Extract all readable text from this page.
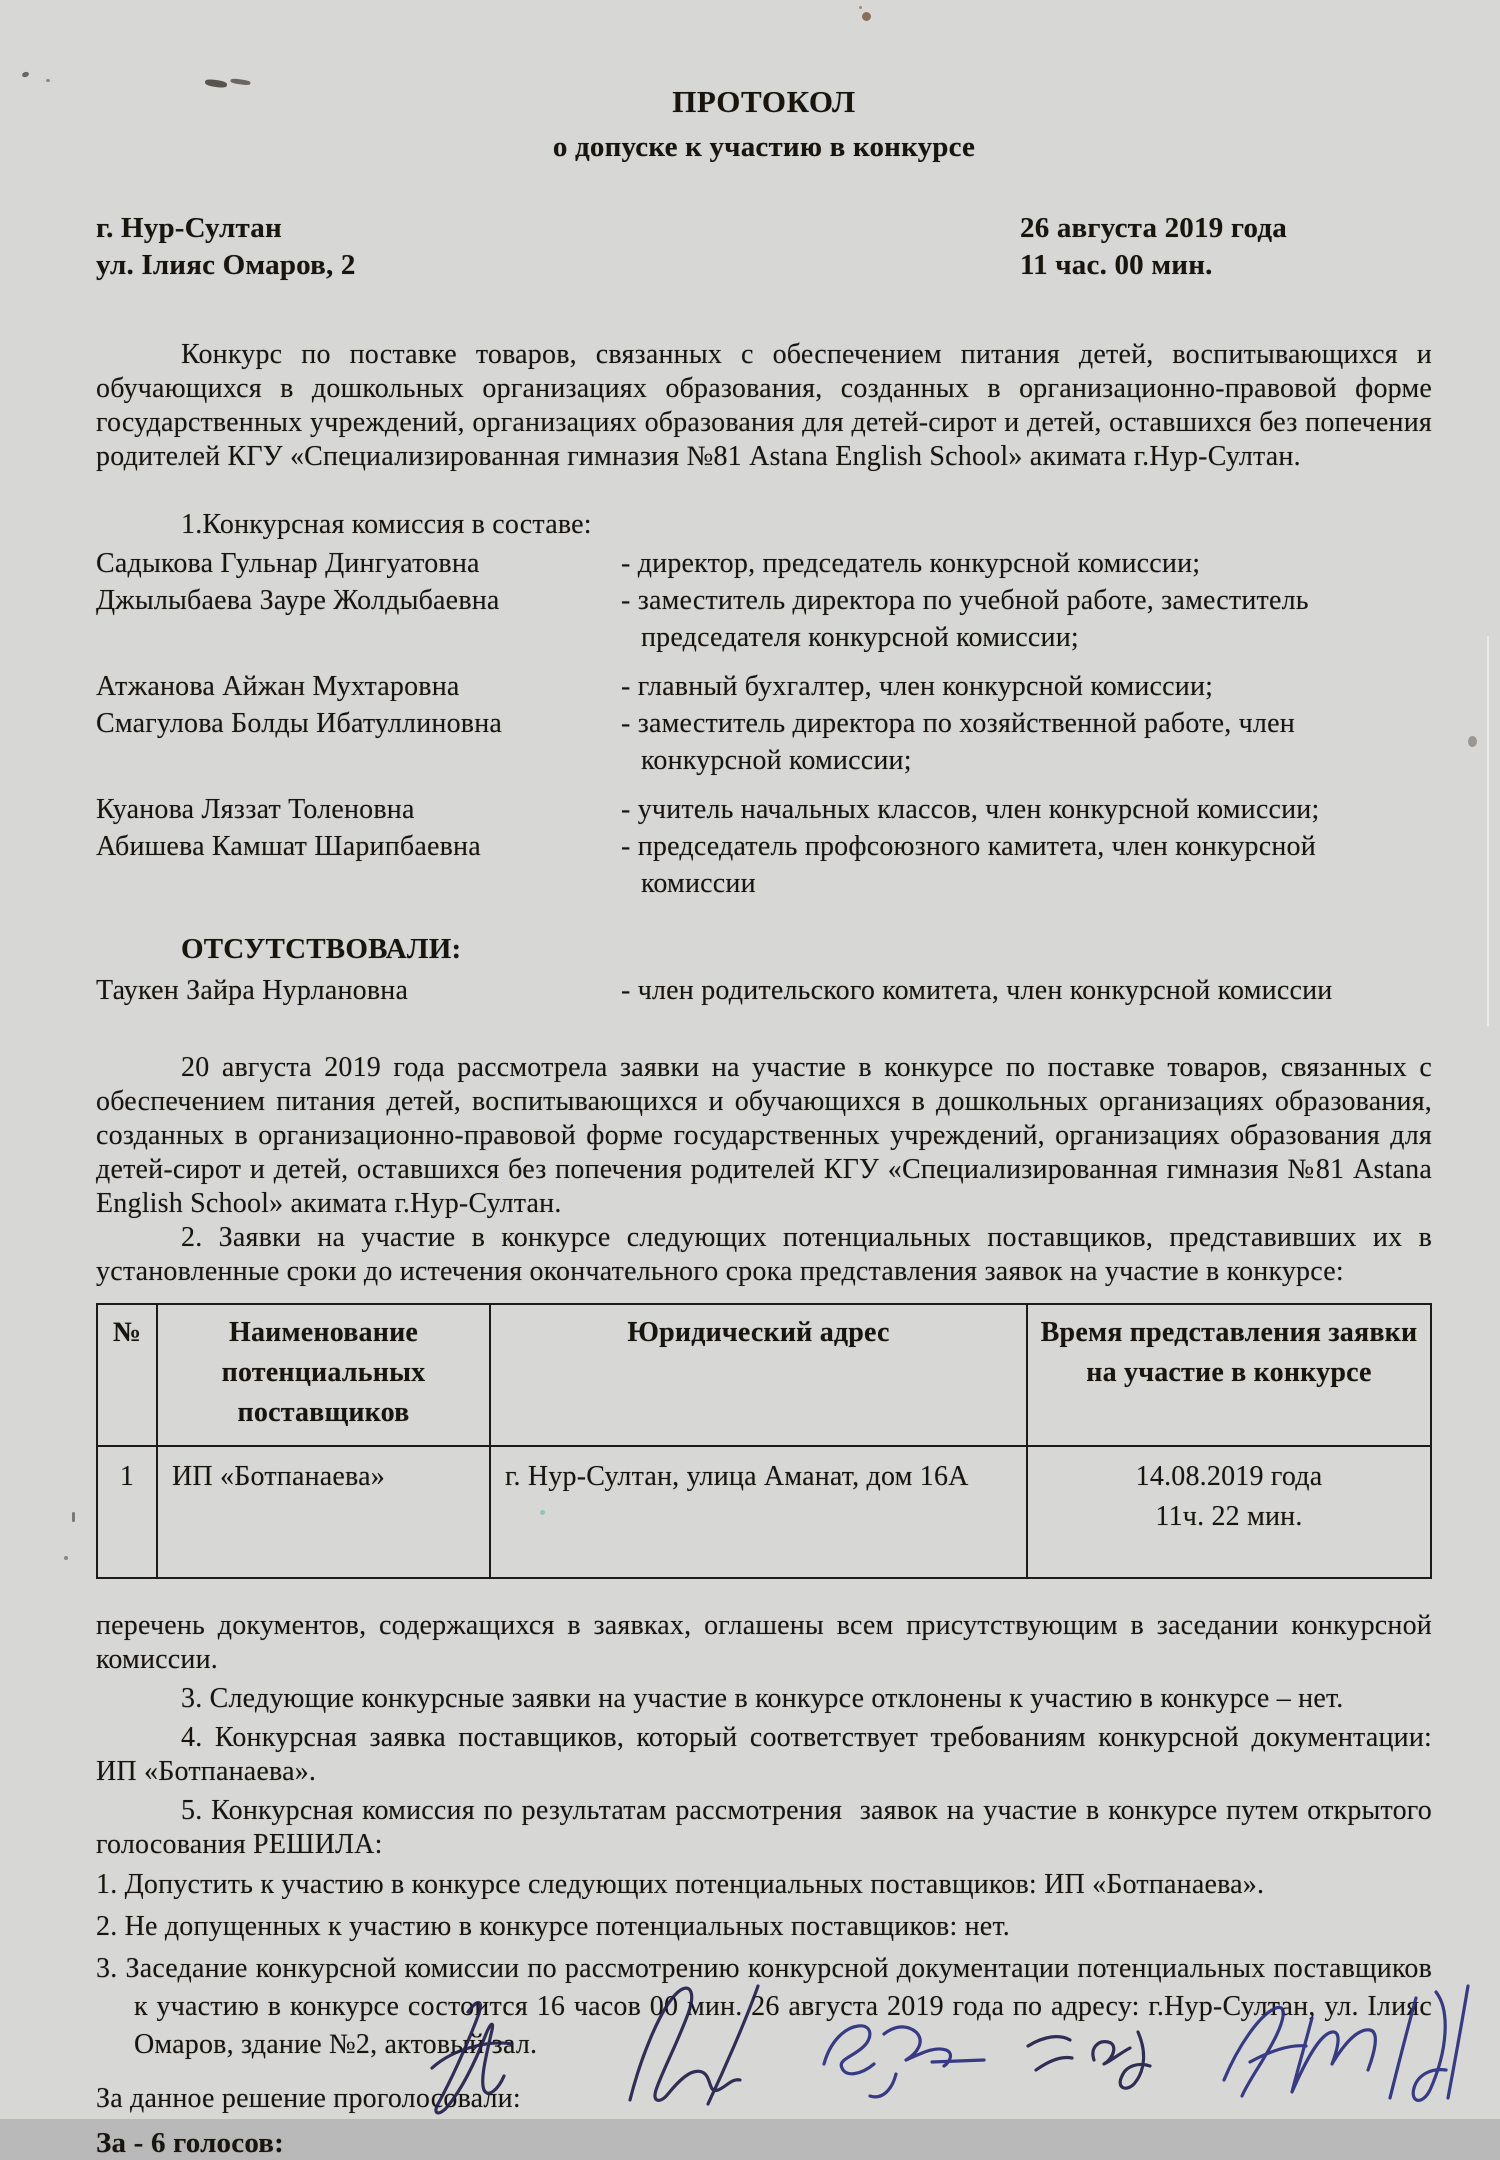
ПРОТОКОЛ
о допуске к участию в конкурсе
г. Нур-Султан
ул. Ілияс Омаров, 2
26 августа 2019 года
11 час. 00 мин.

Конкурс по поставке товаров, связанных с обеспечением питания детей, воспитывающихся и обучающихся в дошкольных организациях образования, созданных в организационно-правовой форме государственных учреждений, организациях образования для детей-сирот и детей, оставшихся без попечения родителей КГУ «Специализированная гимназия №81 Astana English School» акимата г.Нур-Султан.

1.Конкурсная комиссия в составе:

Садыкова Гульнар Дингуатовна	- директор, председатель конкурсной комиссии;
Джылыбаева Зауре Жолдыбаевна	- заместитель директора по учебной работе, заместитель председателя конкурсной комиссии;
Атжанова Айжан Мухтаровна	- главный бухгалтер, член конкурсной комиссии;
Смагулова Болды Ибатуллиновна	- заместитель директора по хозяйственной работе, член конкурсной комиссии;
Куанова Ляззат Толеновна	- учитель начальных классов, член конкурсной комиссии;
Абишева Камшат Шарипбаевна	- председатель профсоюзного камитета, член конкурсной комиссии
ОТСУТСТВОВАЛИ:
Таукен Зайра Нурлановна	- член родительского комитета, член конкурсной комиссии

20 августа 2019 года рассмотрела заявки на участие в конкурсе по поставке товаров, связанных с обеспечением питания детей, воспитывающихся и обучающихся в дошкольных организациях образования, созданных в организационно-правовой форме государственных учреждений, организациях образования для детей-сирот и детей, оставшихся без попечения родителей КГУ «Специализированная гимназия №81 Astana English School» акимата г.Нур-Султан.

2. Заявки на участие в конкурсе следующих потенциальных поставщиков, представивших их в установленные сроки до истечения окончательного срока представления заявок на участие в конкурсе:

№	Наименование потенциальных поставщиков	Юридический адрес	Время представления заявки на участие в конкурсе
1	ИП «Ботпанаева»	г. Нур-Султан, улица Аманат, дом 16А	14.08.2019 года
11ч. 22 мин.

перечень документов, содержащихся в заявках, оглашены всем присутствующим в заседании конкурсной комиссии.

3. Следующие конкурсные заявки на участие в конкурсе отклонены к участию в конкурсе – нет.

4. Конкурсная заявка поставщиков, который соответствует требованиям конкурсной документации: ИП «Ботпанаева».

5. Конкурсная комиссия по результатам рассмотрения  заявок на участие в конкурсе путем открытого голосования РЕШИЛА:

1. Допустить к участию в конкурсе следующих потенциальных поставщиков: ИП «Ботпанаева».

2. Не допущенных к участию в конкурсе потенциальных поставщиков: нет.

3. Заседание конкурсной комиссии по рассмотрению конкурсной документации потенциальных поставщиков к участию в конкурсе состоится 16 часов 00 мин. 26 августа 2019 года по адресу: г.Нур-Султан, ул. Ілияс Омаров, здание №2, актовый зал.

За данное решение проголосовали:

За - 6 голосов:
